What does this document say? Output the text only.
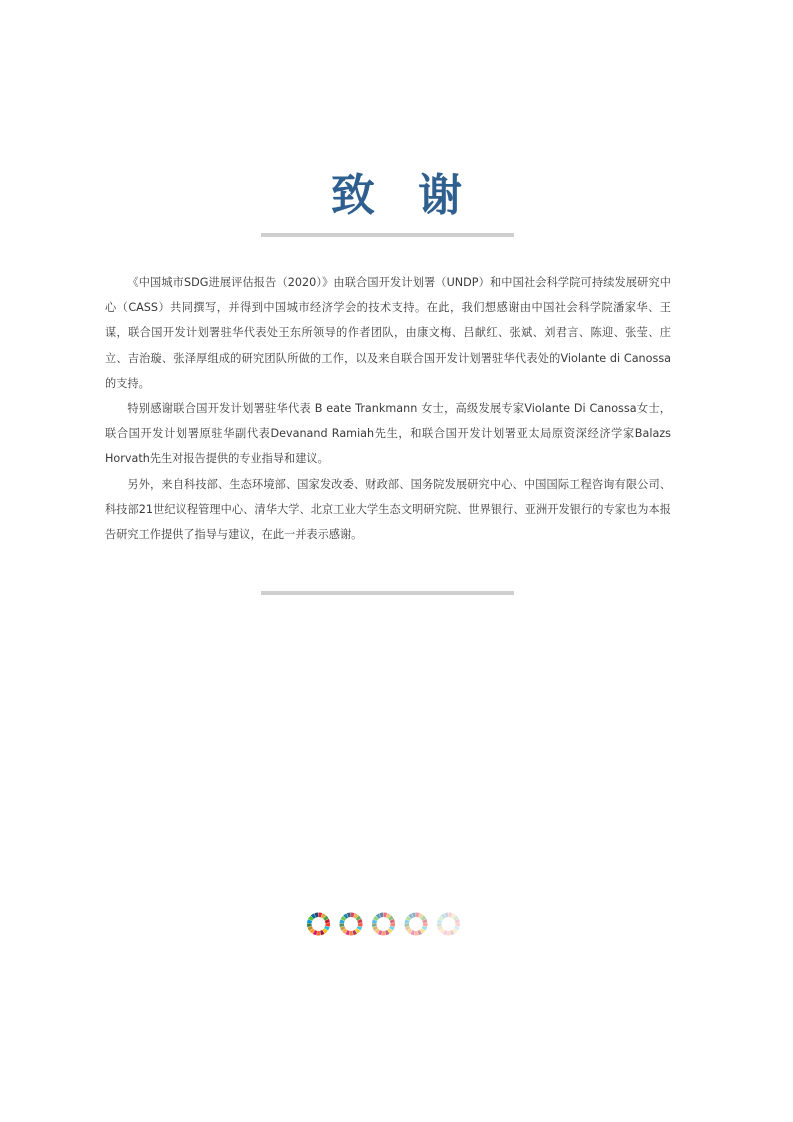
致 谢

《中国城市SDG进展评估报告（2020）》由联合国开发计划署（UNDP）和中国社会科学院可持续发展研究中心（CASS）共同撰写，并得到中国城市经济学会的技术支持。在此，我们想感谢由中国社会科学院潘家华、王谋，联合国开发计划署驻华代表处王东所领导的作者团队，由康文梅、吕献红、张斌、刘君言、陈迎、张莹、庄立、吉治璇、张泽厚组成的研究团队所做的工作，以及来自联合国开发计划署驻华代表处的Violante di Canossa的支持。

特别感谢联合国开发计划署驻华代表 B eate Trankmann 女士，高级发展专家Violante Di Canossa女士，联合国开发计划署原驻华副代表Devanand Ramiah先生，和联合国开发计划署亚太局原资深经济学家Balazs Horvath先生对报告提供的专业指导和建议。

另外，来自科技部、生态环境部、国家发改委、财政部、国务院发展研究中心、中国国际工程咨询有限公司、科技部21世纪议程管理中心、清华大学、北京工业大学生态文明研究院、世界银行、亚洲开发银行的专家也为本报告研究工作提供了指导与建议，在此一并表示感谢。
